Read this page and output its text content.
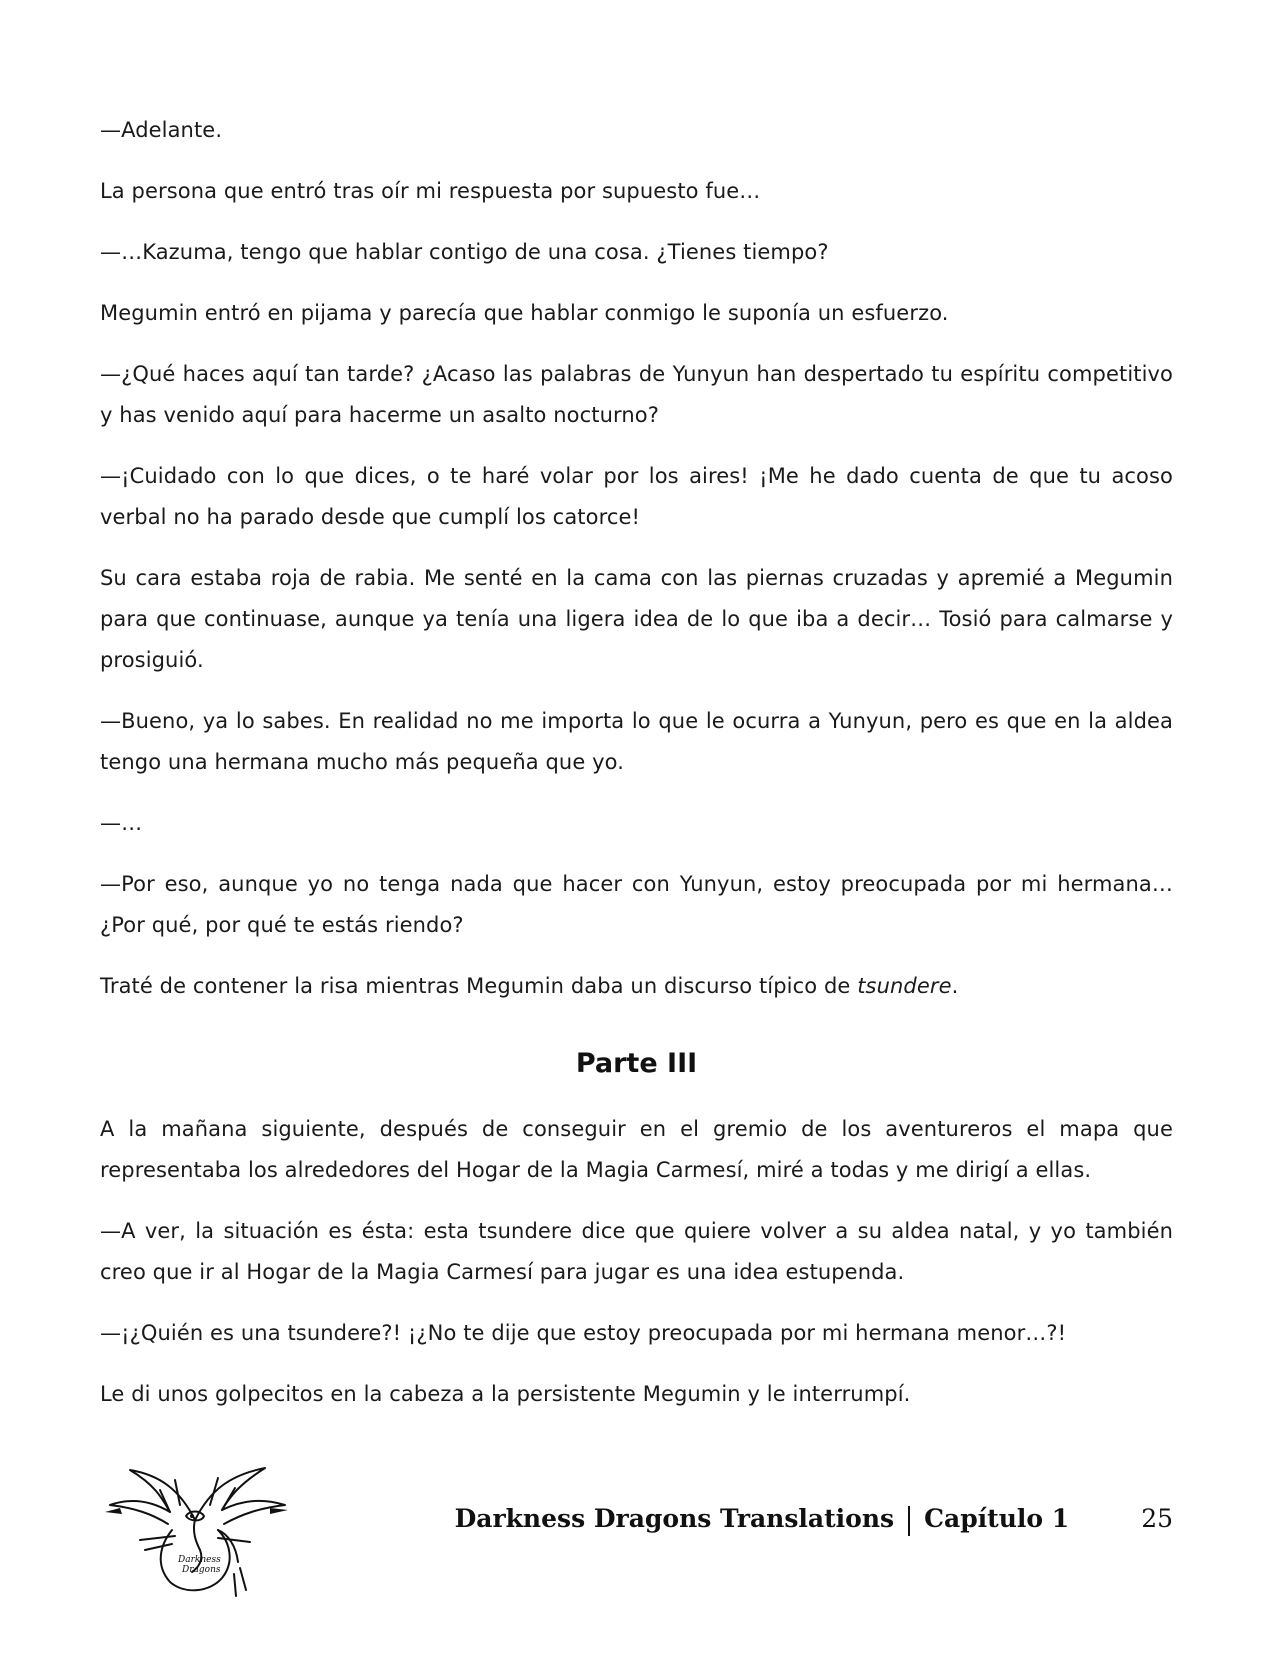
—Adelante.

La persona que entró tras oír mi respuesta por supuesto fue…

—…Kazuma, tengo que hablar contigo de una cosa. ¿Tienes tiempo?

Megumin entró en pijama y parecía que hablar conmigo le suponía un esfuerzo.

—¿Qué haces aquí tan tarde? ¿Acaso las palabras de Yunyun han despertado tu espíritu competitivo y has venido aquí para hacerme un asalto nocturno?

—¡Cuidado con lo que dices, o te haré volar por los aires! ¡Me he dado cuenta de que tu acoso verbal no ha parado desde que cumplí los catorce!

Su cara estaba roja de rabia. Me senté en la cama con las piernas cruzadas y apremié a Megumin para que continuase, aunque ya tenía una ligera idea de lo que iba a decir… Tosió para calmarse y prosiguió.

—Bueno, ya lo sabes. En realidad no me importa lo que le ocurra a Yunyun, pero es que en la aldea tengo una hermana mucho más pequeña que yo.

—…

—Por eso, aunque yo no tenga nada que hacer con Yunyun, estoy preocupada por mi hermana… ¿Por qué, por qué te estás riendo?

Traté de contener la risa mientras Megumin daba un discurso típico de tsundere.

Parte III

A la mañana siguiente, después de conseguir en el gremio de los aventureros el mapa que representaba los alrededores del Hogar de la Magia Carmesí, miré a todas y me dirigí a ellas.

—A ver, la situación es ésta: esta tsundere dice que quiere volver a su aldea natal, y yo también creo que ir al Hogar de la Magia Carmesí para jugar es una idea estupenda.

—¡¿Quién es una tsundere?! ¡¿No te dije que estoy preocupada por mi hermana menor…?!

Le di unos golpecitos en la cabeza a la persistente Megumin y le interrumpí.

Darkness
Dragons
Darkness Dragons Translations Capítulo 1	25
